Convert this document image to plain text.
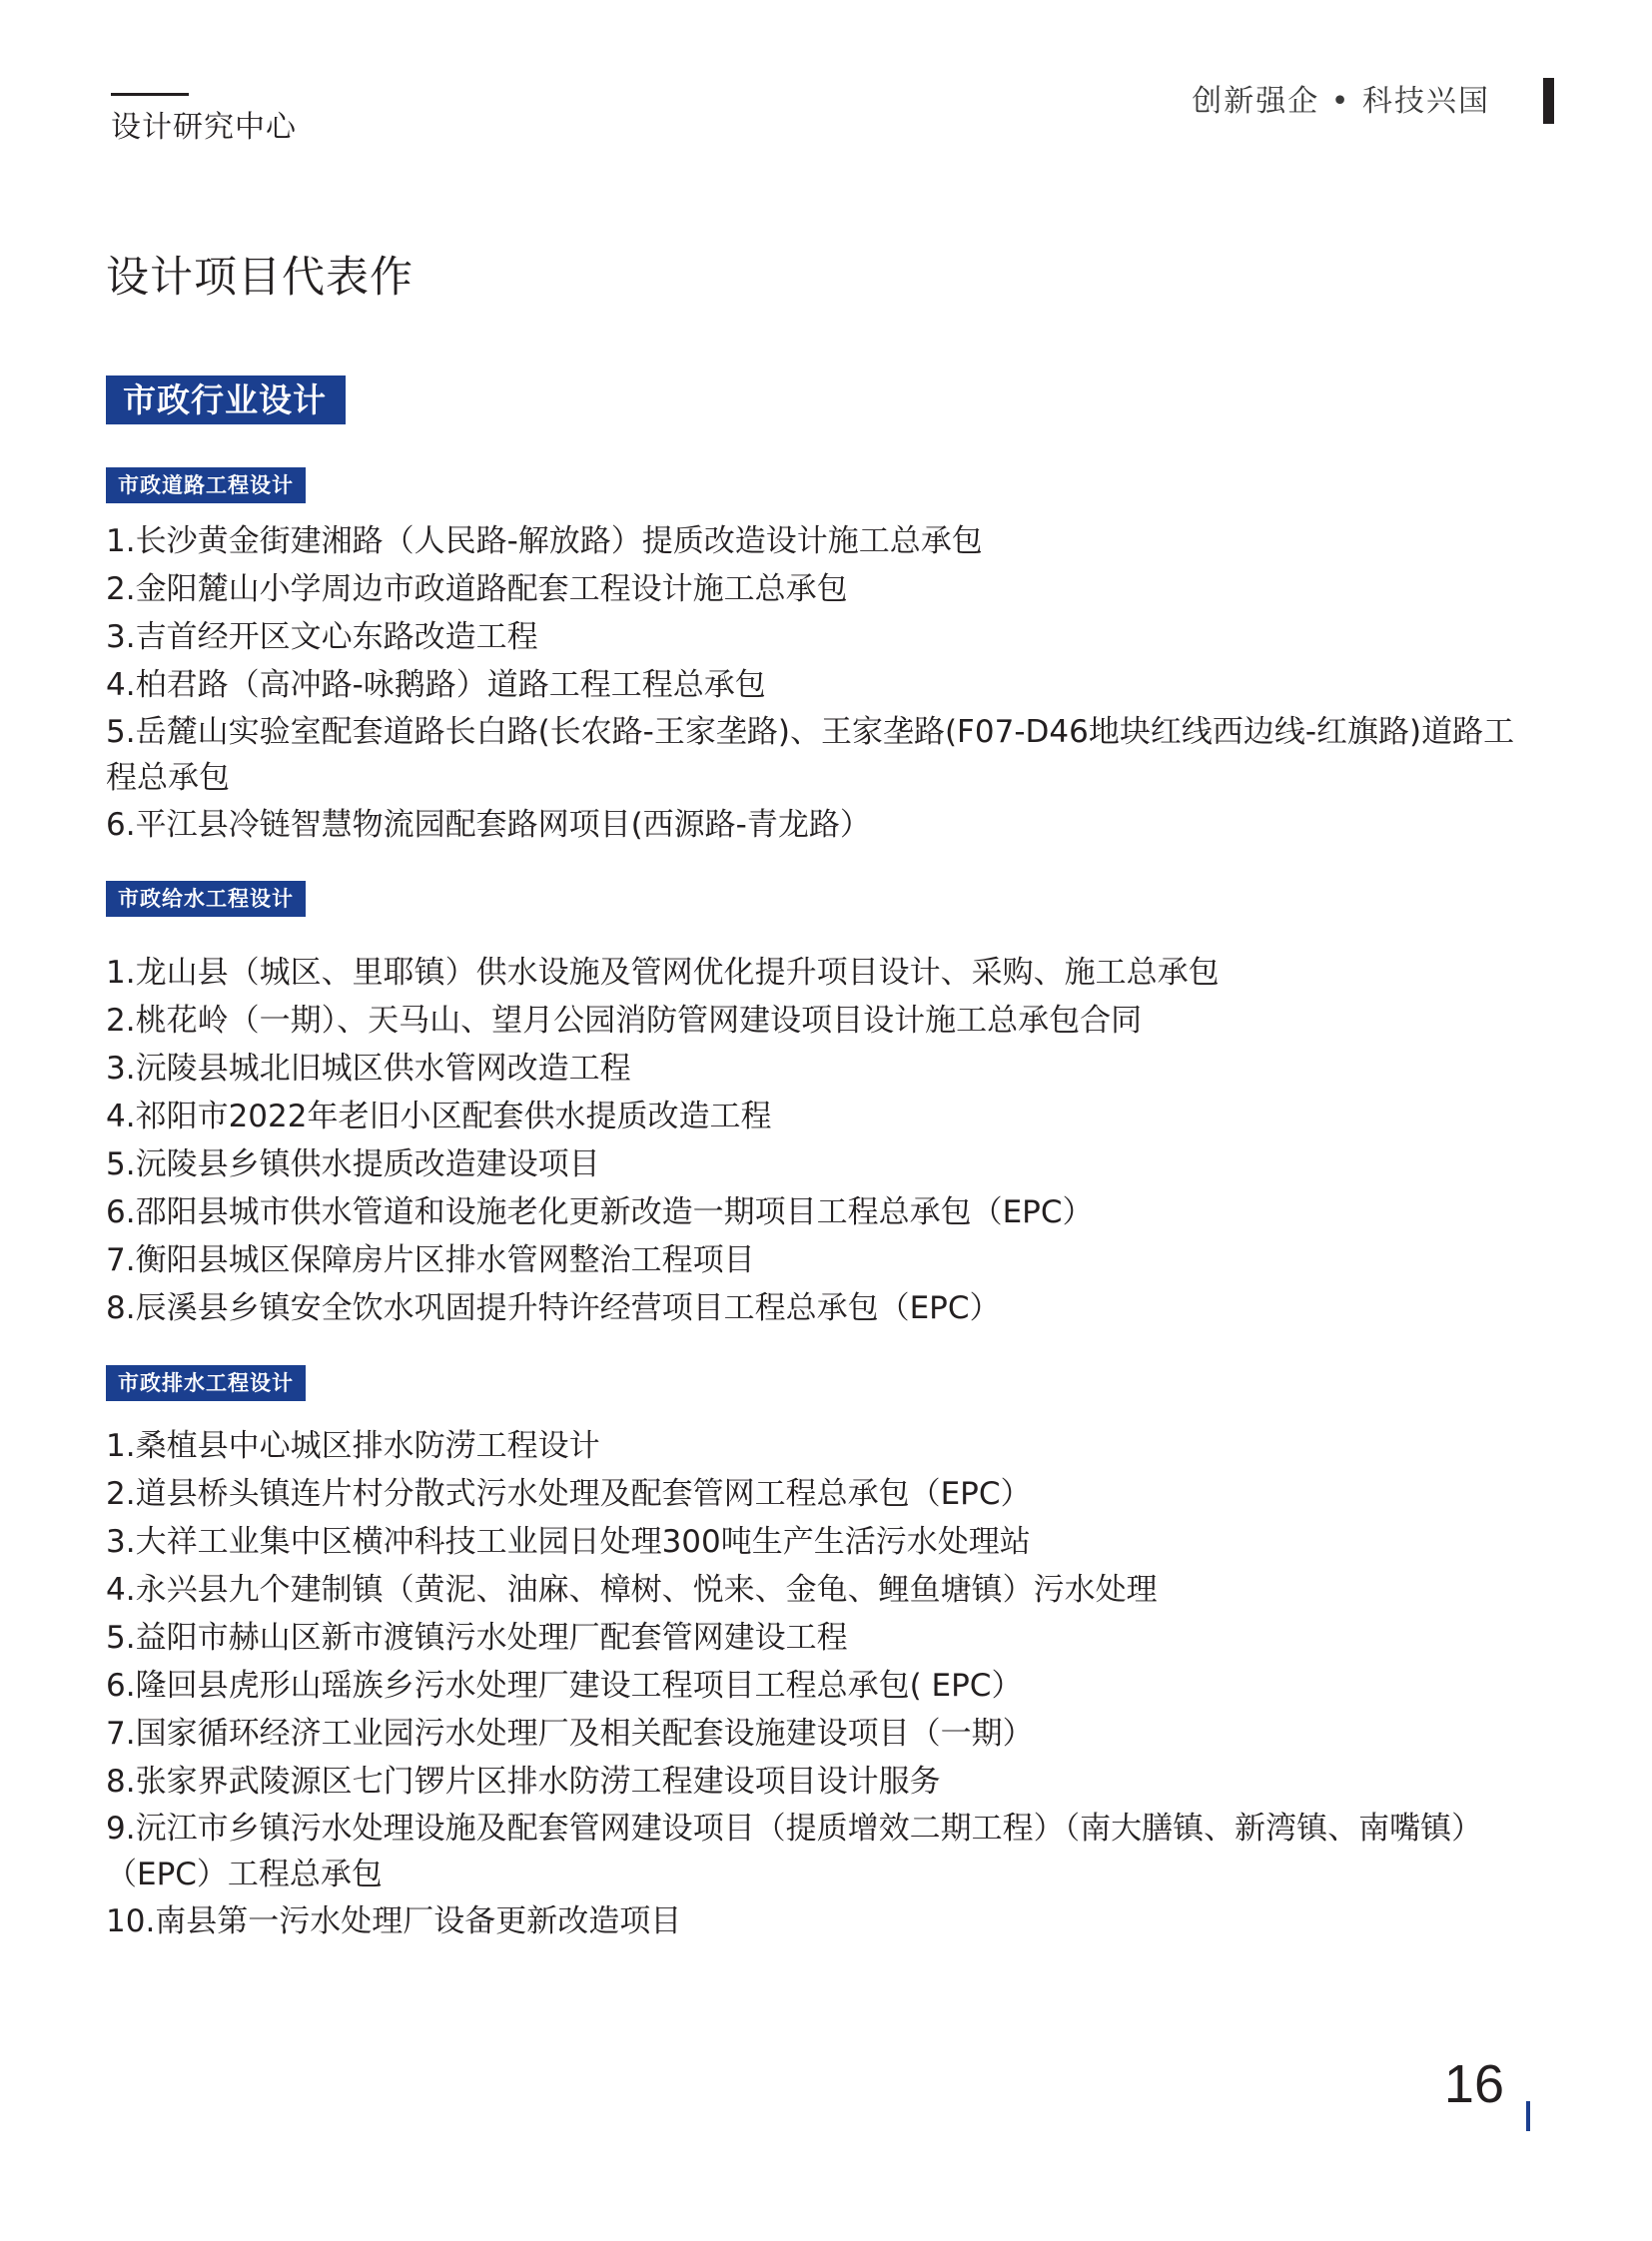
设计研究中心
创新强企 • 科技兴国
设计项目代表作
市政行业设计
市政道路工程设计
1.长沙黄金街建湘路（人民路-解放路）提质改造设计施工总承包
2.金阳麓山小学周边市政道路配套工程设计施工总承包
3.吉首经开区文心东路改造工程
4.柏君路（高冲路-咏鹅路）道路工程工程总承包
5.岳麓山实验室配套道路长白路(长农路-王家垄路)、王家垄路(F07-D46地块红线西边线-红旗路)道路工程总承包
6.平江县冷链智慧物流园配套路网项目(西源路-青龙路）
市政给水工程设计
1.龙山县（城区、里耶镇）供水设施及管网优化提升项目设计、采购、施工总承包
2.桃花岭（一期）、天马山、望月公园消防管网建设项目设计施工总承包合同
3.沅陵县城北旧城区供水管网改造工程
4.祁阳市2022年老旧小区配套供水提质改造工程
5.沅陵县乡镇供水提质改造建设项目
6.邵阳县城市供水管道和设施老化更新改造一期项目工程总承包（EPC）
7.衡阳县城区保障房片区排水管网整治工程项目
8.辰溪县乡镇安全饮水巩固提升特许经营项目工程总承包（EPC）
市政排水工程设计
1.桑植县中心城区排水防涝工程设计
2.道县桥头镇连片村分散式污水处理及配套管网工程总承包（EPC）
3.大祥工业集中区横冲科技工业园日处理300吨生产生活污水处理站
4.永兴县九个建制镇（黄泥、油麻、樟树、悦来、金龟、鲤鱼塘镇）污水处理
5.益阳市赫山区新市渡镇污水处理厂配套管网建设工程
6.隆回县虎形山瑶族乡污水处理厂建设工程项目工程总承包( EPC）
7.国家循环经济工业园污水处理厂及相关配套设施建设项目（一期）
8.张家界武陵源区七门锣片区排水防涝工程建设项目设计服务
9.沅江市乡镇污水处理设施及配套管网建设项目（提质增效二期工程）（南大膳镇、新湾镇、南嘴镇）（EPC）工程总承包
10.南县第一污水处理厂设备更新改造项目
16
